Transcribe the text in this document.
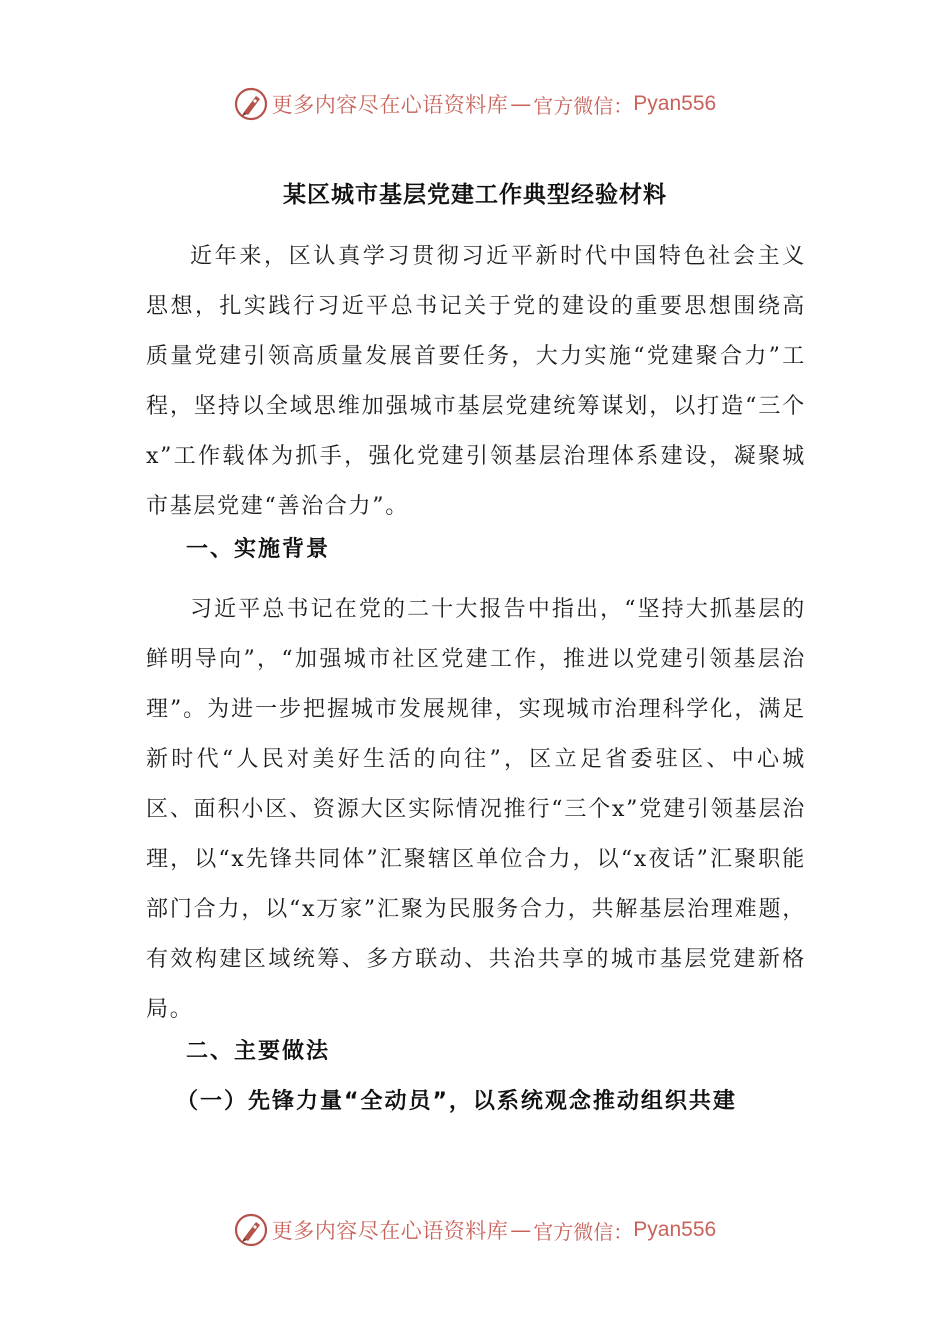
更多内容尽在心语资料库 — 官方微信： Pyan556
某区城市基层党建工作典型经验材料
近年来，区认真学习贯彻习近平新时代中国特色社会主义思想，扎实践行习近平总书记关于党的建设的重要思想围绕高质量党建引领高质量发展首要任务，大力实施“党建聚合力”工程，坚持以全域思维加强城市基层党建统筹谋划，以打造“三个x”工作载体为抓手，强化党建引领基层治理体系建设，凝聚城市基层党建“善治合力”。
一、实施背景
习近平总书记在党的二十大报告中指出，“坚持大抓基层的鲜明导向”，“加强城市社区党建工作，推进以党建引领基层治理”。为进一步把握城市发展规律，实现城市治理科学化，满足新时代“人民对美好生活的向往”，区立足省委驻区、中心城区、面积小区、资源大区实际情况推行“三个x”党建引领基层治理，以“x先锋共同体”汇聚辖区单位合力，以“x夜话”汇聚职能部门合力，以“x万家”汇聚为民服务合力，共解基层治理难题，有效构建区域统筹、多方联动、共治共享的城市基层党建新格局。
二、主要做法
（一）先锋力量“全动员”，以系统观念推动组织共建
更多内容尽在心语资料库 — 官方微信： Pyan556
